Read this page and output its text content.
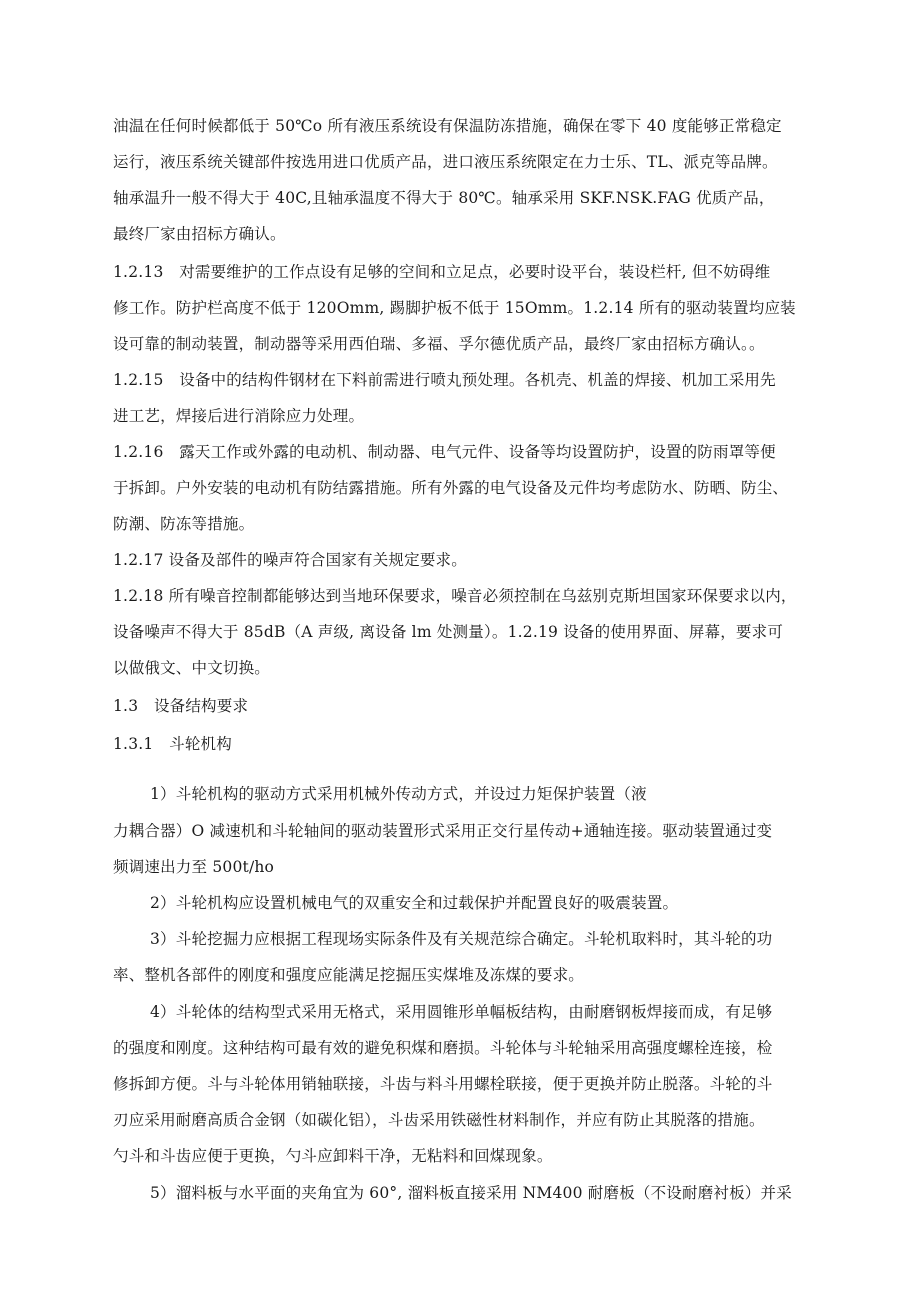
油温在任何时候都低于 50℃o 所有液压系统设有保温防冻措施，确保在零下 40 度能够正常稳定
运行，液压系统关键部件按选用进口优质产品，进口液压系统限定在力士乐、TL、派克等品牌。
轴承温升一般不得大于 40C,且轴承温度不得大于 80℃。轴承采用 SKF.NSK.FAG 优质产品，
最终厂家由招标方确认。
1.2.13　对需要维护的工作点设有足够的空间和立足点，必要时设平台，装设栏杆, 但不妨碍维
修工作。防护栏高度不低于 120Omm, 踢脚护板不低于 15Omm。1.2.14 所有的驱动装置均应装
设可靠的制动装置，制动器等采用西伯瑞、多福、孚尔德优质产品，最终厂家由招标方确认。。
1.2.15　设备中的结构件钢材在下料前需进行喷丸预处理。各机壳、机盖的焊接、机加工采用先
进工艺，焊接后进行消除应力处理。
1.2.16　露天工作或外露的电动机、制动器、电气元件、设备等均设置防护，设置的防雨罩等便
于拆卸。户外安装的电动机有防结露措施。所有外露的电气设备及元件均考虑防水、防晒、防尘、
防潮、防冻等措施。
1.2.17 设备及部件的噪声符合国家有关规定要求。
1.2.18 所有噪音控制都能够达到当地环保要求，噪音必须控制在乌兹别克斯坦国家环保要求以内，
设备噪声不得大于 85dB（A 声级, 离设备 lm 处测量）。1.2.19 设备的使用界面、屏幕，要求可
以做俄文、中文切换。
1.3　设备结构要求
1.3.1　斗轮机构
1）斗轮机构的驱动方式采用机械外传动方式，并设过力矩保护装置（液
力耦合器）O 减速机和斗轮轴间的驱动装置形式采用正交行星传动+通轴连接。驱动装置通过变
频调速出力至 500t∕ho
2）斗轮机构应设置机械电气的双重安全和过载保护并配置良好的吸震装置。
3）斗轮挖掘力应根据工程现场实际条件及有关规范综合确定。斗轮机取料时，其斗轮的功
率、整机各部件的刚度和强度应能满足挖掘压实煤堆及冻煤的要求。
4）斗轮体的结构型式采用无格式，采用圆锥形单幅板结构，由耐磨钢板焊接而成，有足够
的强度和刚度。这种结构可最有效的避免积煤和磨损。斗轮体与斗轮轴采用高强度螺栓连接，检
修拆卸方便。斗与斗轮体用销轴联接，斗齿与料斗用螺栓联接，便于更换并防止脱落。斗轮的斗
刃应采用耐磨高质合金钢（如碳化铝），斗齿采用铁磁性材料制作，并应有防止其脱落的措施。
勺斗和斗齿应便于更换，勺斗应卸料干净，无粘料和回煤现象。
5）溜料板与水平面的夹角宜为 60°, 溜料板直接采用 NM400 耐磨板（不设耐磨衬板）并采
